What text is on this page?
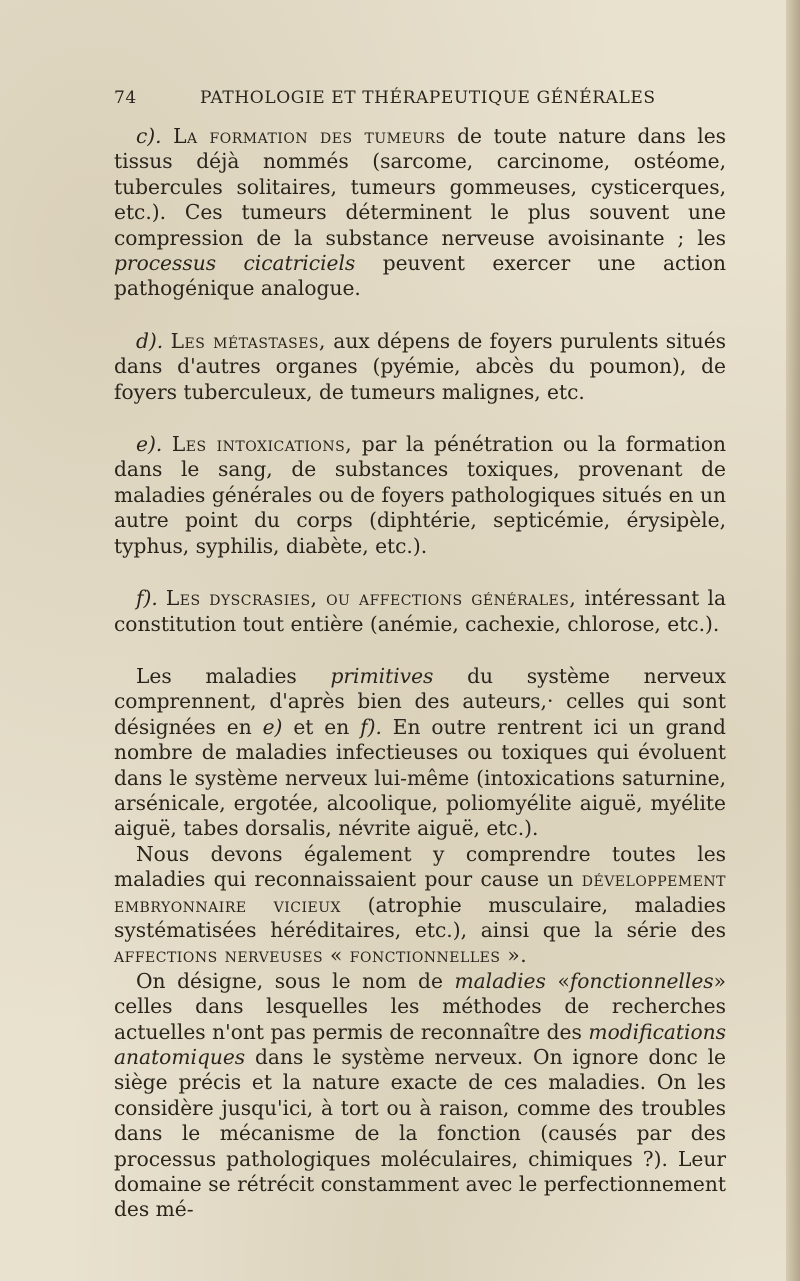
74	PATHOLOGIE ET THÉRAPEUTIQUE GÉNÉRALES

c). La formation des tumeurs de toute nature dans les tissus déjà nommés (sarcome, carcinome, ostéome, tubercules solitaires, tumeurs gommeuses, cysticerques, etc.). Ces tumeurs déterminent le plus souvent une compression de la substance nerveuse avoisinante ; les processus cicatriciels peuvent exercer une action pathogénique analogue.

d). Les métastases, aux dépens de foyers purulents situés dans d'autres organes (pyémie, abcès du poumon), de foyers tuberculeux, de tumeurs malignes, etc.

e). Les intoxications, par la pénétration ou la formation dans le sang, de substances toxiques, provenant de maladies générales ou de foyers pathologiques situés en un autre point du corps (diphtérie, septicémie, érysipèle, typhus, syphilis, diabète, etc.).

f). Les dyscrasies, ou affections générales, intéressant la constitution tout entière (anémie, cachexie, chlorose, etc.).

Les maladies primitives du système nerveux comprennent, d'après bien des auteurs,· celles qui sont désignées en e) et en f). En outre rentrent ici un grand nombre de maladies infectieuses ou toxiques qui évoluent dans le système nerveux lui-même (intoxications saturnine, arsénicale, ergotée, alcoolique, poliomyélite aiguë, myélite aiguë, tabes dorsalis, névrite aiguë, etc.).

Nous devons également y comprendre toutes les maladies qui reconnaissaient pour cause un développement embryonnaire vicieux (atrophie musculaire, maladies systématisées héréditaires, etc.), ainsi que la série des affections nerveuses « fonctionnelles ».

On désigne, sous le nom de maladies «fonctionnelles» celles dans lesquelles les méthodes de recherches actuelles n'ont pas permis de reconnaître des modifications anatomiques dans le système nerveux. On ignore donc le siège précis et la nature exacte de ces maladies. On les considère jusqu'ici, à tort ou à raison, comme des troubles dans le mécanisme de la fonction (causés par des processus pathologiques moléculaires, chimiques ?). Leur domaine se rétrécit constamment avec le perfectionnement des mé-
